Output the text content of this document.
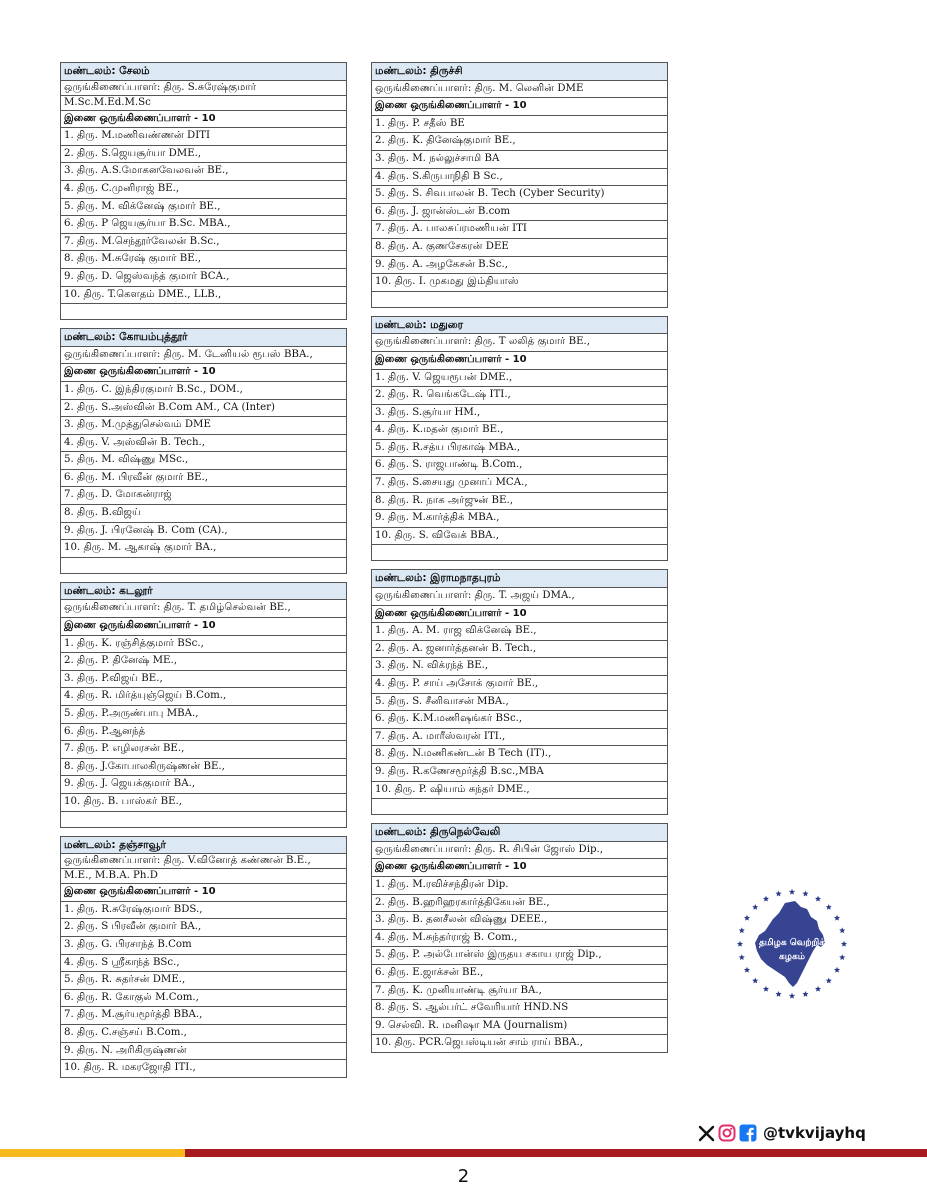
மண்டலம்: சேலம்
ஒருங்கிணைப்பாளர்: திரு. S.சுரேஷ்குமார்
M.Sc.M.Ed.M.Sc
இணை ஒருங்கிணைப்பாளர் - 10
1. திரு. M.மணிவண்ணன் DITI
2. திரு. S.ஜெயசூர்யா DME.,
3. திரு. A.S.மோகனவேலவன் BE.,
4. திரு. C.முனிராஜ் BE.,
5. திரு. M. விக்னேஷ் குமார் BE.,
6. திரு. P ஜெயசூர்யா B.Sc. MBA.,
7. திரு. M.செந்தூர்வேலன் B.Sc.,
8. திரு. M.சுரேஷ் குமார் BE.,
9. திரு. D. ஜெஸ்வந்த் குமார் BCA.,
10. திரு. T.கௌதம் DME., LLB.,

மண்டலம்: கோயம்புத்தூர்
ஒருங்கிணைப்பாளர்: திரு. M. டேனியல் ரூபஸ் BBA.,
இணை ஒருங்கிணைப்பாளர் - 10
1. திரு. C. இந்திரகுமார் B.Sc., DOM.,
2. திரு. S.அஸ்வின் B.Com AM., CA (Inter)
3. திரு. M.முத்துசெல்வம் DME
4. திரு. V. அஸ்வின் B. Tech.,
5. திரு. M. விஷ்ணு MSc.,
6. திரு. M. பிரவீன் குமார் BE.,
7. திரு. D. மோகன்ராஜ்
8. திரு. B.விஜய்
9. திரு. J. பிரனேஷ் B. Com (CA).,
10. திரு. M. ஆகாஷ் குமார் BA.,

மண்டலம்: கடலூர்
ஒருங்கிணைப்பாளர்: திரு. T. தமிழ்செல்வன் BE.,
இணை ஒருங்கிணைப்பாளர் - 10
1. திரு. K. ரஞ்சித்குமார் BSc.,
2. திரு. P. தினேஷ் ME.,
3. திரு. P.விஜய் BE.,
4. திரு. R. மிர்த்யுஞ்ஜெய் B.Com.,
5. திரு. P.அருண்பாபு MBA.,
6. திரு. P.ஆனந்த்
7. திரு. P. எழிலரசன் BE.,
8. திரு. J.கோபாலகிருஷ்ணன் BE.,
9. திரு. J. ஜெயக்குமார் BA.,
10. திரு. B. பாஸ்கர் BE.,

மண்டலம்: தஞ்சாவூர்
ஒருங்கிணைப்பாளர்: திரு. V.வினோத் கண்ணன் B.E.,
M.E., M.B.A. Ph.D
இணை ஒருங்கிணைப்பாளர் - 10
1. திரு. R.சுரேஷ்குமார் BDS.,
2. திரு. S பிரவீன் குமார் BA.,
3. திரு. G. பிரசாந்த் B.Com
4. திரு. S ஸ்ரீகாந்த் BSc.,
5. திரு. R. சுதர்சன் DME.,
6. திரு. R. கோகுல் M.Com.,
7. திரு. M.சூர்யமூர்த்தி BBA.,
8. திரு. C.சஞ்சய் B.Com.,
9. திரு. N. அரிகிருஷ்ணன்
10. திரு. R. மகரஜோதி ITI.,
மண்டலம்: திருச்சி
ஒருங்கிணைப்பாளர்: திரு. M. லெனின் DME
இணை ஒருங்கிணைப்பாளர் - 10
1. திரு. P. சதீஸ் BE
2. திரு. K. தினேஷ்குமார் BE.,
3. திரு. M. நல்லுச்சாமி BA
4. திரு. S.கிருபாநிதி B Sc.,
5. திரு. S. சிவபாலன் B. Tech (Cyber Security)
6. திரு. J. ஜான்ஸ்டன் B.com
7. திரு. A. பாலசுப்ரமணியன் ITI
8. திரு. A. குணசேகரன் DEE
9. திரு. A. அழகேசன் B.Sc.,
10. திரு. I. முகமது இம்தியாஸ்

மண்டலம்: மதுரை
ஒருங்கிணைப்பாளர்: திரு. T லலித் குமார் BE.,
இணை ஒருங்கிணைப்பாளர் - 10
1. திரு. V. ஜெயரூபன் DME.,
2. திரு. R. வெங்கடேஷ் ITI.,
3. திரு. S.சூர்யா HM.,
4. திரு. K.மதன் குமார் BE.,
5. திரு. R.சத்ய பிரகாஷ் MBA.,
6. திரு. S. ராஜபாண்டி B.Com.,
7. திரு. S.சையது முனாப் MCA.,
8. திரு. R. நாக அர்ஜுன் BE.,
9. திரு. M.கார்த்திக் MBA.,
10. திரு. S. விவேக் BBA.,

மண்டலம்: இராமநாதபுரம்
ஒருங்கிணைப்பாளர்: திரு. T. அஜய் DMA.,
இணை ஒருங்கிணைப்பாளர் - 10
1. திரு. A. M. ராஜ விக்னேஷ் BE.,
2. திரு. A. ஜனார்த்தனன் B. Tech.,
3. திரு. N. விக்ரந்த் BE.,
4. திரு. P. சாய் அசோக் குமார் BE.,
5. திரு. S. சீனிவாசன் MBA.,
6. திரு. K.M.மணிஷங்கர் BSc.,
7. திரு. A. மாரீஸ்வரன் ITI.,
8. திரு. N.மணிகண்டன் B Tech (IT).,
9. திரு. R.கணேசமூர்த்தி B.sc.,MBA
10. திரு. P. ஷியாம் சுந்தர் DME.,

மண்டலம்: திருநெல்வேலி
ஒருங்கிணைப்பாளர்: திரு. R. சிபின் ஜோஸ் Dip.,
இணை ஒருங்கிணைப்பாளர் - 10
1. திரு. M.ரவிச்சந்திரன் Dip.
2. திரு. B.ஹரிஹரகார்த்திகேயன் BE.,
3. திரு. B. தனசீலன் விஷ்ணு DEEE.,
4. திரு. M.சுந்தர்ராஜ் B. Com.,
5. திரு. P. அல்போன்ஸ் இருதய சகாய ராஜ் Dip.,
6. திரு. E.ஜாக்சன் BE.,
7. திரு. K. முனியாண்டி சூர்யா BA.,
8. திரு. S. ஆல்பர்ட் சவேரியார் HND.NS
9. செல்வி. R. மனிஷா MA (Journalism)
10. திரு. PCR.ஜெபஸ்டியன் சாம் ராய் BBA.,
தமிழக வெற்றிக்
கழகம்
@tvkvijayhq
2
